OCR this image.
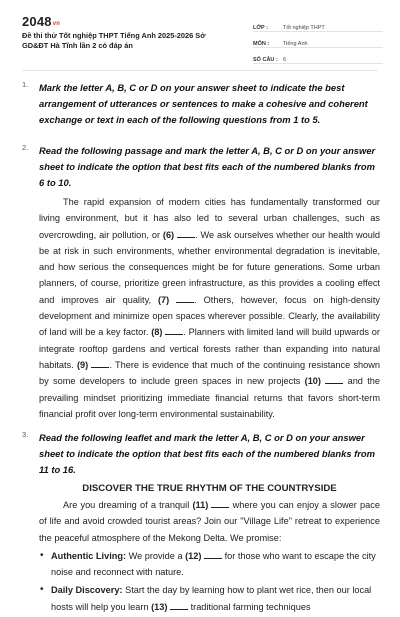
2048vn
Đề thi thử Tốt nghiệp THPT Tiếng Anh 2025-2026 Sở GD&ĐT Hà Tĩnh lần 2 có đáp án
LỚP :	Tốt nghiệp THPT
MÔN :	Tiếng Anh
SỐ CÂU : 6
1. Mark the letter A, B, C or D on your answer sheet to indicate the best arrangement of utterances or sentences to make a cohesive and coherent exchange or text in each of the following questions from 1 to 5.
2. Read the following passage and mark the letter A, B, C or D on your answer sheet to indicate the option that best fits each of the numbered blanks from 6 to 10.
The rapid expansion of modern cities has fundamentally transformed our living environment, but it has also led to several urban challenges, such as overcrowding, air pollution, or (6) . We ask ourselves whether our health would be at risk in such environments, whether environmental degradation is inevitable, and how serious the consequences might be for future generations. Some urban planners, of course, prioritize green infrastructure, as this provides a cooling effect and improves air quality, (7)	. Others, however, focus on high-density development and minimize open spaces wherever possible. Clearly, the availability of land will be a key factor. (8) . Planners with limited land will build upwards or integrate rooftop gardens and vertical forests rather than expanding into natural habitats. (9) . There is evidence that much of the continuing resistance shown by some developers to include green spaces in new projects (10)	and the prevailing mindset prioritizing immediate financial returns that favors short-term financial profit over long-term environmental sustainability.
3. Read the following leaflet and mark the letter A, B, C or D on your answer sheet to indicate the option that best fits each of the numbered blanks from 11 to 16.
DISCOVER THE TRUE RHYTHM OF THE COUNTRYSIDE
Are you dreaming of a tranquil (11)	where you can enjoy a slower pace of life and avoid crowded tourist areas? Join our "Village Life" retreat to experience the peaceful atmosphere of the Mekong Delta. We promise:
• Authentic Living: We provide a (12)	for those who want to escape the city noise and reconnect with nature.
• Daily Discovery: Start the day by learning how to plant wet rice, then our local hosts will help you learn (13)	traditional farming techniques
